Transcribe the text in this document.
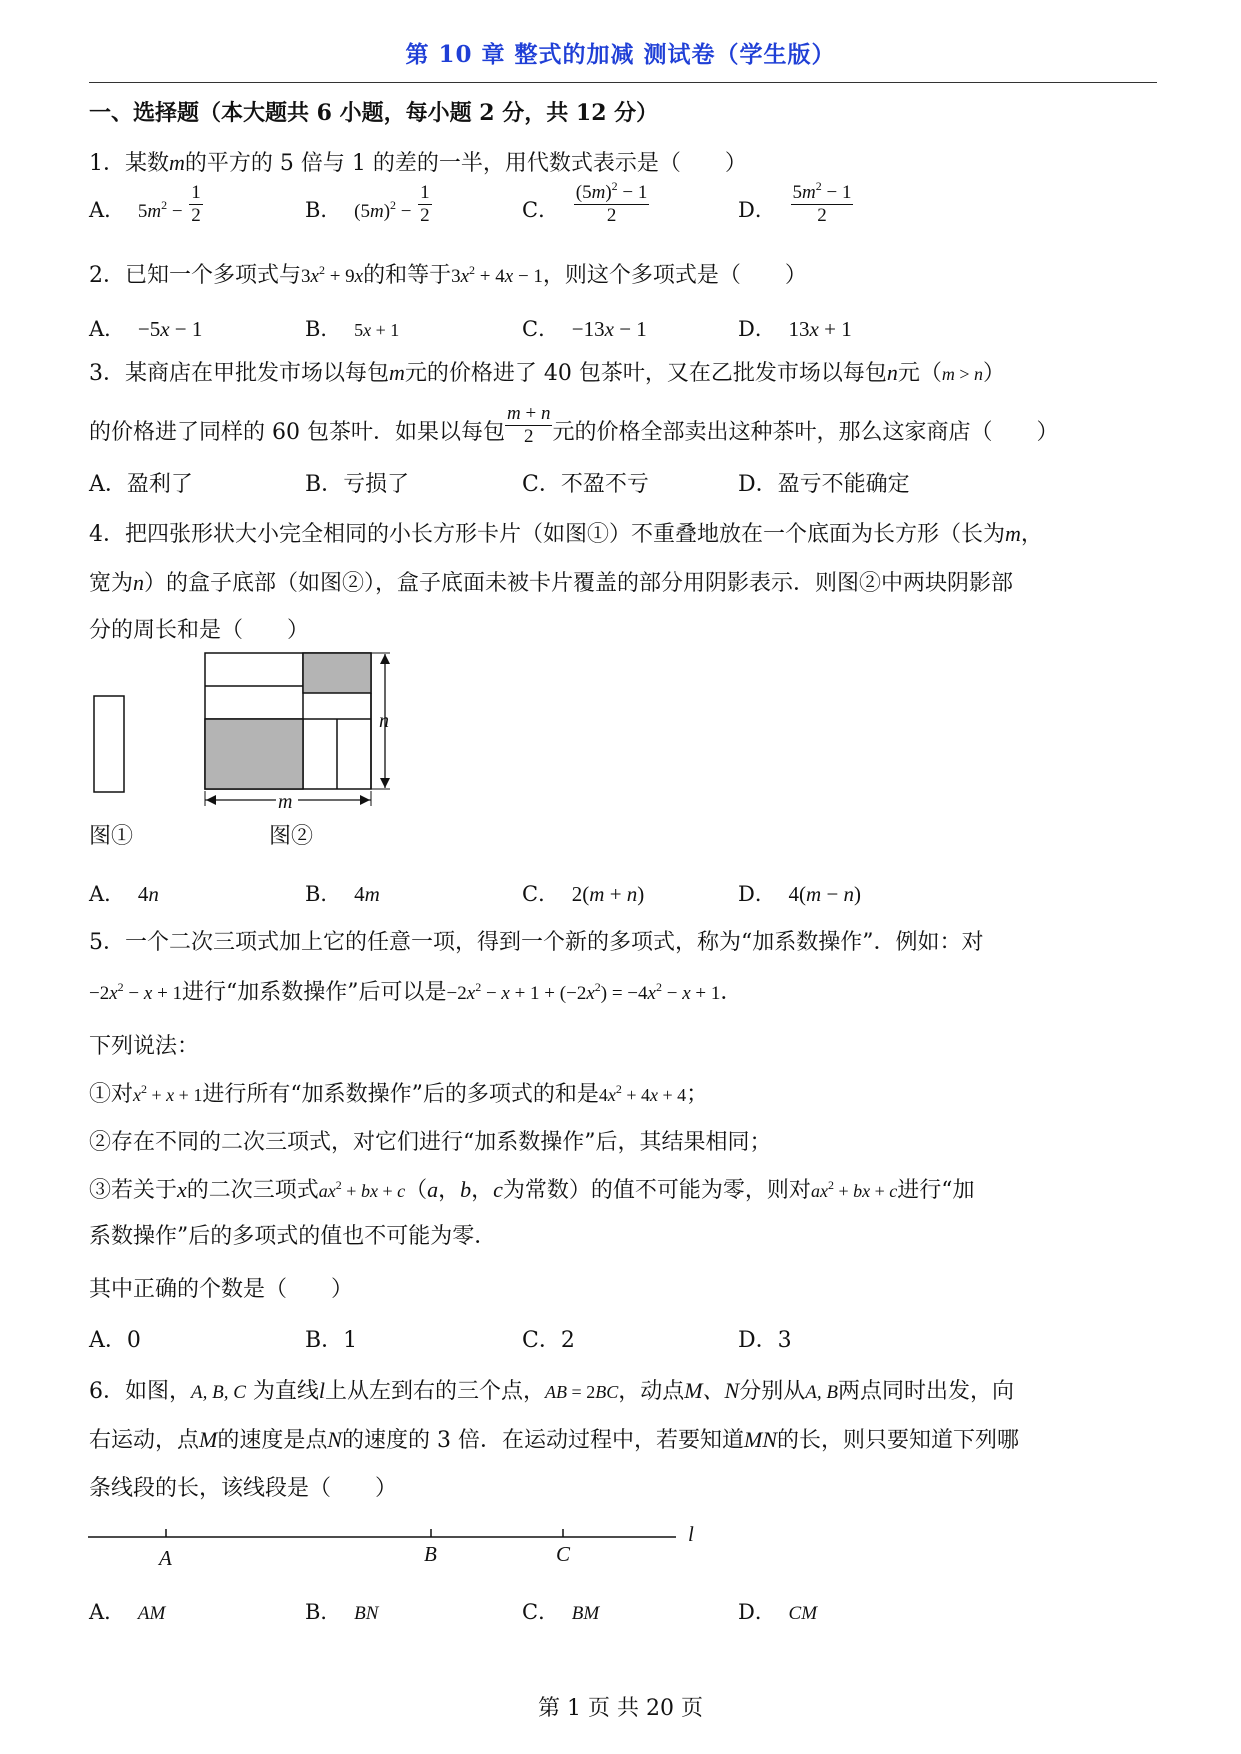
第 10 章 整式的加减 测试卷（学生版）
一、选择题（本大题共 6 小题，每小题 2 分，共 12 分）
1．某数m的平方的 5 倍与 1 的差的一半，用代数式表示是（　　）
A． $5m^2 - \frac{1}{2}$	B． $(5m)^2 - \frac{1}{2}$	C． $\frac{(5m)^2 - 1}{2}$	D． $\frac{5m^2 - 1}{2}$
2．已知一个多项式与$3x^2 + 9x$的和等于$3x^2 + 4x - 1$，则这个多项式是（　　）
A． −5x − 1	B． 5x + 1	C． −13x − 1	D． 13x + 1
3．某商店在甲批发市场以每包m元的价格进了 40 包茶叶，又在乙批发市场以每包n元（m > n）
的价格进了同样的 60 包茶叶．如果以每包 $\frac{m + n}{2}$ 元的价格全部卖出这种茶叶，那么这家商店（　　）
A．盈利了	B．亏损了	C．不盈不亏	D．盈亏不能确定
4．把四张形状大小完全相同的小长方形卡片（如图①）不重叠地放在一个底面为长方形（长为m，
宽为n）的盒子底部（如图②），盒子底面未被卡片覆盖的部分用阴影表示．则图②中两块阴影部
分的周长和是（　　）
n
m
图①	图②
A． 4n	B． 4m	C． 2(m + n)	D． 4(m − n)
5．一个二次三项式加上它的任意一项，得到一个新的多项式，称为“加系数操作”．例如：对
$-2x^2 - x + 1$进行“加系数操作”后可以是$-2x^2 - x + 1 + (-2x^2) = -4x^2 - x + 1$．
下列说法：
①对$x^2 + x + 1$进行所有“加系数操作”后的多项式的和是$4x^2 + 4x + 4$；
②存在不同的二次三项式，对它们进行“加系数操作”后，其结果相同；
③若关于x的二次三项式$ax^2$ + bx + c（a，b，c为常数）的值不可能为零，则对$ax^2$ + bx + c进行“加
系数操作”后的多项式的值也不可能为零．
其中正确的个数是（　　）
A．0	B．1	C．2	D．3
6．如图，A, B, C 为直线l上从左到右的三个点，AB = 2BC，动点M、N分别从A, B两点同时出发，向
右运动，点M的速度是点N的速度的 3 倍．在运动过程中，若要知道MN的长，则只要知道下列哪
条线段的长，该线段是（　　）
A	B	C
l
A． AM	B． BN	C． BM	D． CM
第 1 页 共 20 页
